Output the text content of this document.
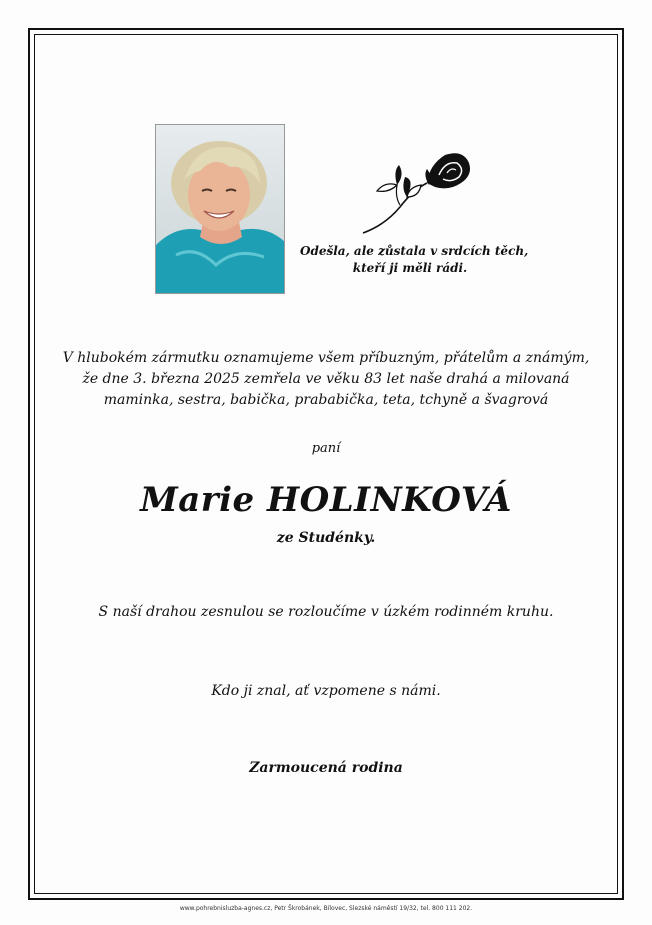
Odešla, ale zůstala v srdcích těch,
kteří ji měli rádi.
V hlubokém zármutku oznamujeme všem příbuzným, přátelům a známým,
že dne 3. března 2025 zemřela ve věku 83 let naše drahá a milovaná
maminka, sestra, babička, prababička, teta, tchyně a švagrová
paní
Marie HOLINKOVÁ
ze Studénky.
S naší drahou zesnulou se rozloučíme v úzkém rodinném kruhu.
Kdo ji znal, ať vzpomene s námi.
Zarmoucená rodina
www.pohrebnisluzba-agnes.cz, Petr Škrobánek, Bílovec, Slezské náměstí 19/32, tel. 800 111 202.
